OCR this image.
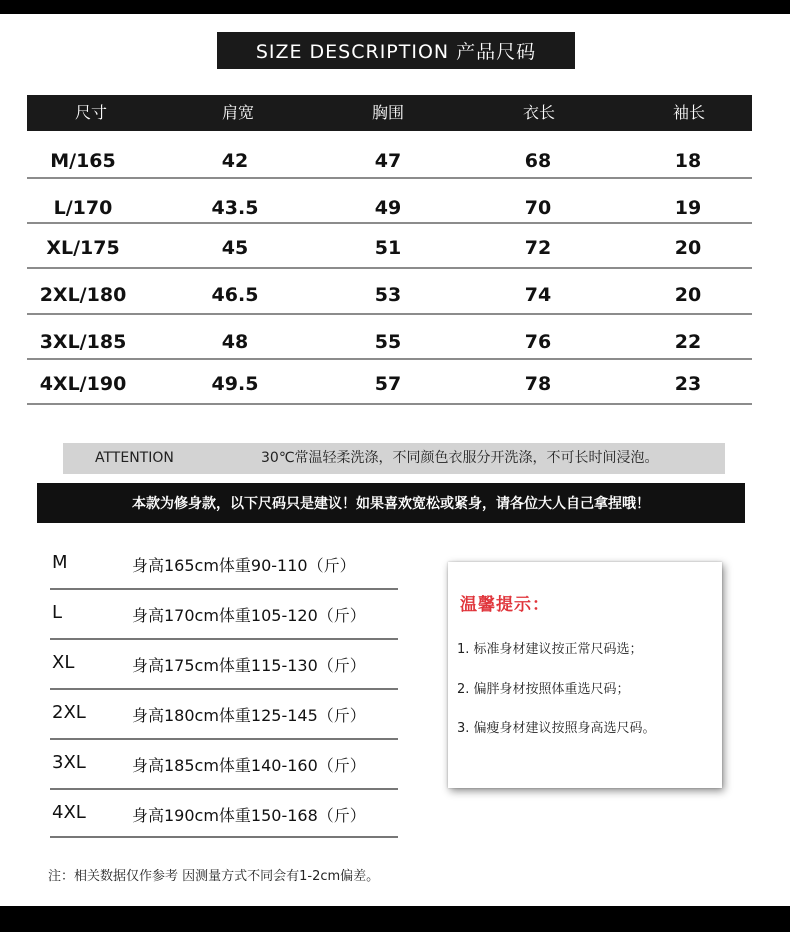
SIZE DESCRIPTION 产品尺码
尺寸	肩宽	胸围	衣长	袖长
M/165	42	47	68	18
L/170	43.5	49	70	19
XL/175	45	51	72	20
2XL/180	46.5	53	74	20
3XL/185	48	55	76	22
4XL/190	49.5	57	78	23
ATTENTION	30℃常温轻柔洗涤，不同颜色衣服分开洗涤，不可长时间浸泡。
本款为修身款，以下尺码只是建议！如果喜欢宽松或紧身，请各位大人自己拿捏哦！
M	身高165cm体重90-110（斤）
L	身高170cm体重105-120（斤）
XL	身高175cm体重115-130（斤）
2XL	身高180cm体重125-145（斤）
3XL	身高185cm体重140-160（斤）
4XL	身高190cm体重150-168（斤）
温馨提示：
1. 标准身材建议按正常尺码选；
2. 偏胖身材按照体重选尺码；
3. 偏瘦身材建议按照身高选尺码。
注：相关数据仅作参考 因测量方式不同会有1-2cm偏差。
